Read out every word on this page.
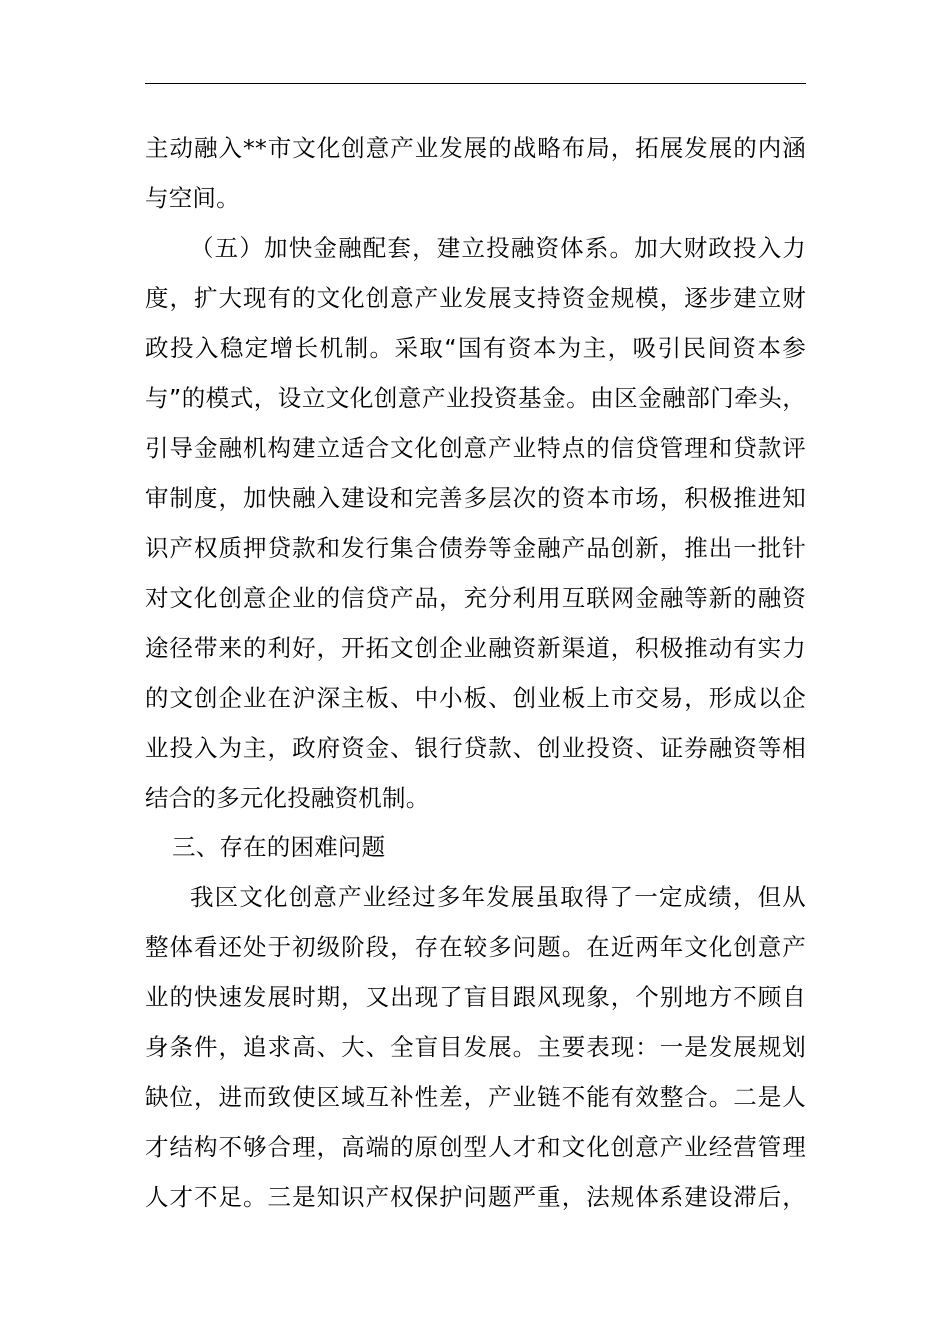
主动融入**市文化创意产业发展的战略布局，拓展发展的内涵
与空间。
（五）加快金融配套，建立投融资体系。加大财政投入力
度，扩大现有的文化创意产业发展支持资金规模，逐步建立财
政投入稳定增长机制。采取“国有资本为主，吸引民间资本参
与”的模式，设立文化创意产业投资基金。由区金融部门牵头，
引导金融机构建立适合文化创意产业特点的信贷管理和贷款评
审制度，加快融入建设和完善多层次的资本市场，积极推进知
识产权质押贷款和发行集合债券等金融产品创新，推出一批针
对文化创意企业的信贷产品，充分利用互联网金融等新的融资
途径带来的利好，开拓文创企业融资新渠道，积极推动有实力
的文创企业在沪深主板、中小板、创业板上市交易，形成以企
业投入为主，政府资金、银行贷款、创业投资、证券融资等相
结合的多元化投融资机制。
三、存在的困难问题
我区文化创意产业经过多年发展虽取得了一定成绩，但从
整体看还处于初级阶段，存在较多问题。在近两年文化创意产
业的快速发展时期，又出现了盲目跟风现象，个别地方不顾自
身条件，追求高、大、全盲目发展。主要表现：一是发展规划
缺位，进而致使区域互补性差，产业链不能有效整合。二是人
才结构不够合理，高端的原创型人才和文化创意产业经营管理
人才不足。三是知识产权保护问题严重，法规体系建设滞后，
